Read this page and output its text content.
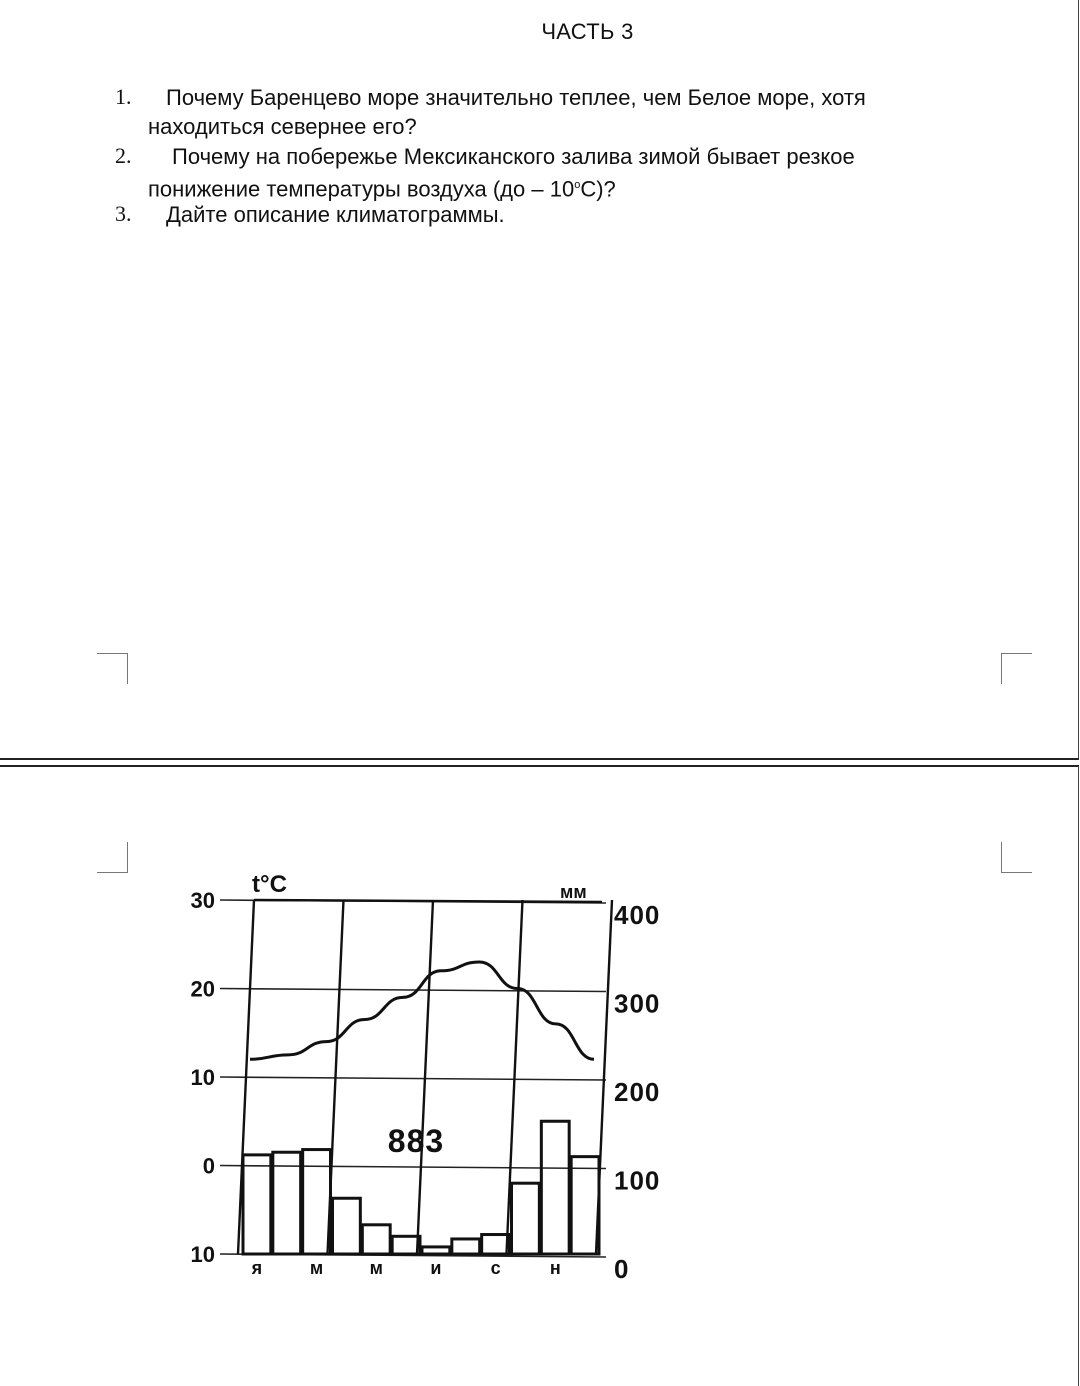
ЧАСТЬ 3
1. Почему Баренцево море значительно теплее, чем Белое море, хотя
находиться севернее его?
2. Почему на побережье Мексиканского залива зимой бывает резкое
понижение температуры воздуха $(до - 10^оС)$?
3. Дайте описание климатограммы.
30
20
10
0
10
400
300
200
100
0
я	м	м	и	с	н
t°C	мм
883
